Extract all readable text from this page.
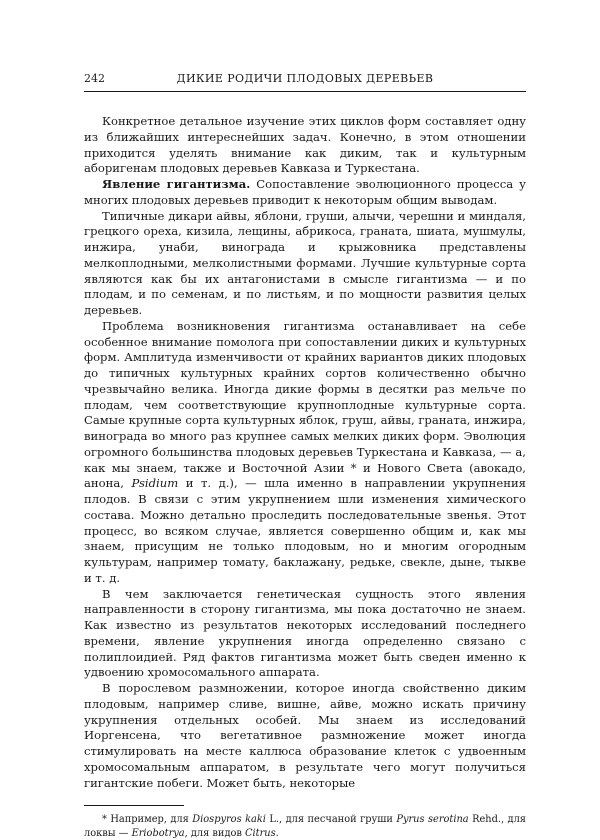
242	ДИКИЕ РОДИЧИ ПЛОДОВЫХ ДЕРЕВЬЕВ

Конкретное детальное изучение этих циклов форм составляет одну из ближайших интереснейших задач. Конечно, в этом отношении приходится уделять внимание как диким, так и культурным аборигенам плодовых деревьев Кавказа и Туркестана.

Явление гигантизма. Сопоставление эволюционного процесса у многих плодовых деревьев приводит к некоторым общим выводам.

Типичные дикари айвы, яблони, груши, алычи, черешни и миндаля, грецкого ореха, кизила, лещины, абрикоса, граната, шиата, мушмулы, инжира, унаби, винограда и крыжовника представлены мелкоплодными, мелколистными формами. Лучшие культурные сорта являются как бы их антагонистами в смысле гигантизма — и по плодам, и по семенам, и по листьям, и по мощности развития целых деревьев.

Проблема возникновения гигантизма останавливает на себе особенное внимание помолога при сопоставлении диких и культурных форм. Амплитуда изменчивости от крайних вариантов диких плодовых до типичных культурных крайних сортов количественно обычно чрезвычайно велика. Иногда дикие формы в десятки раз мельче по плодам, чем соответствующие крупноплодные культурные сорта. Самые крупные сорта культурных яблок, груш, айвы, граната, инжира, винограда во много раз крупнее самых мелких диких форм. Эволюция огромного большинства плодовых деревьев Туркестана и Кавказа, — а, как мы знаем, также и Восточной Азии * и Нового Света (авокадо, анона, Psidium и т. д.), — шла именно в направлении укрупнения плодов. В связи с этим укрупнением шли изменения химического состава. Можно детально проследить последовательные звенья. Этот процесс, во всяком случае, является совершенно общим и, как мы знаем, присущим не только плодовым, но и многим огородным культурам, например томату, баклажану, редьке, свекле, дыне, тыкве и т. д.

В чем заключается генетическая сущность этого явления направленности в сторону гигантизма, мы пока достаточно не знаем. Как известно из результатов некоторых исследований последнего времени, явление укрупнения иногда определенно связано с полиплоидией. Ряд фактов гигантизма может быть сведен именно к удвоению хромосомального аппарата.

В порослевом размножении, которое иногда свойственно диким плодовым, например сливе, вишне, айве, можно искать причину укрупнения отдельных особей. Мы знаем из исследований Иоргенсена, что вегетативное размножение может иногда стимулировать на месте каллюса образование клеток с удвоенным хромосомальным аппаратом, в результате чего могут получиться гигантские побеги. Может быть, некоторые

* Например, для Diospyros kaki L., для песчаной груши Pyrus serotina Rehd., для локвы — Eriobotrya, для видов Citrus.
